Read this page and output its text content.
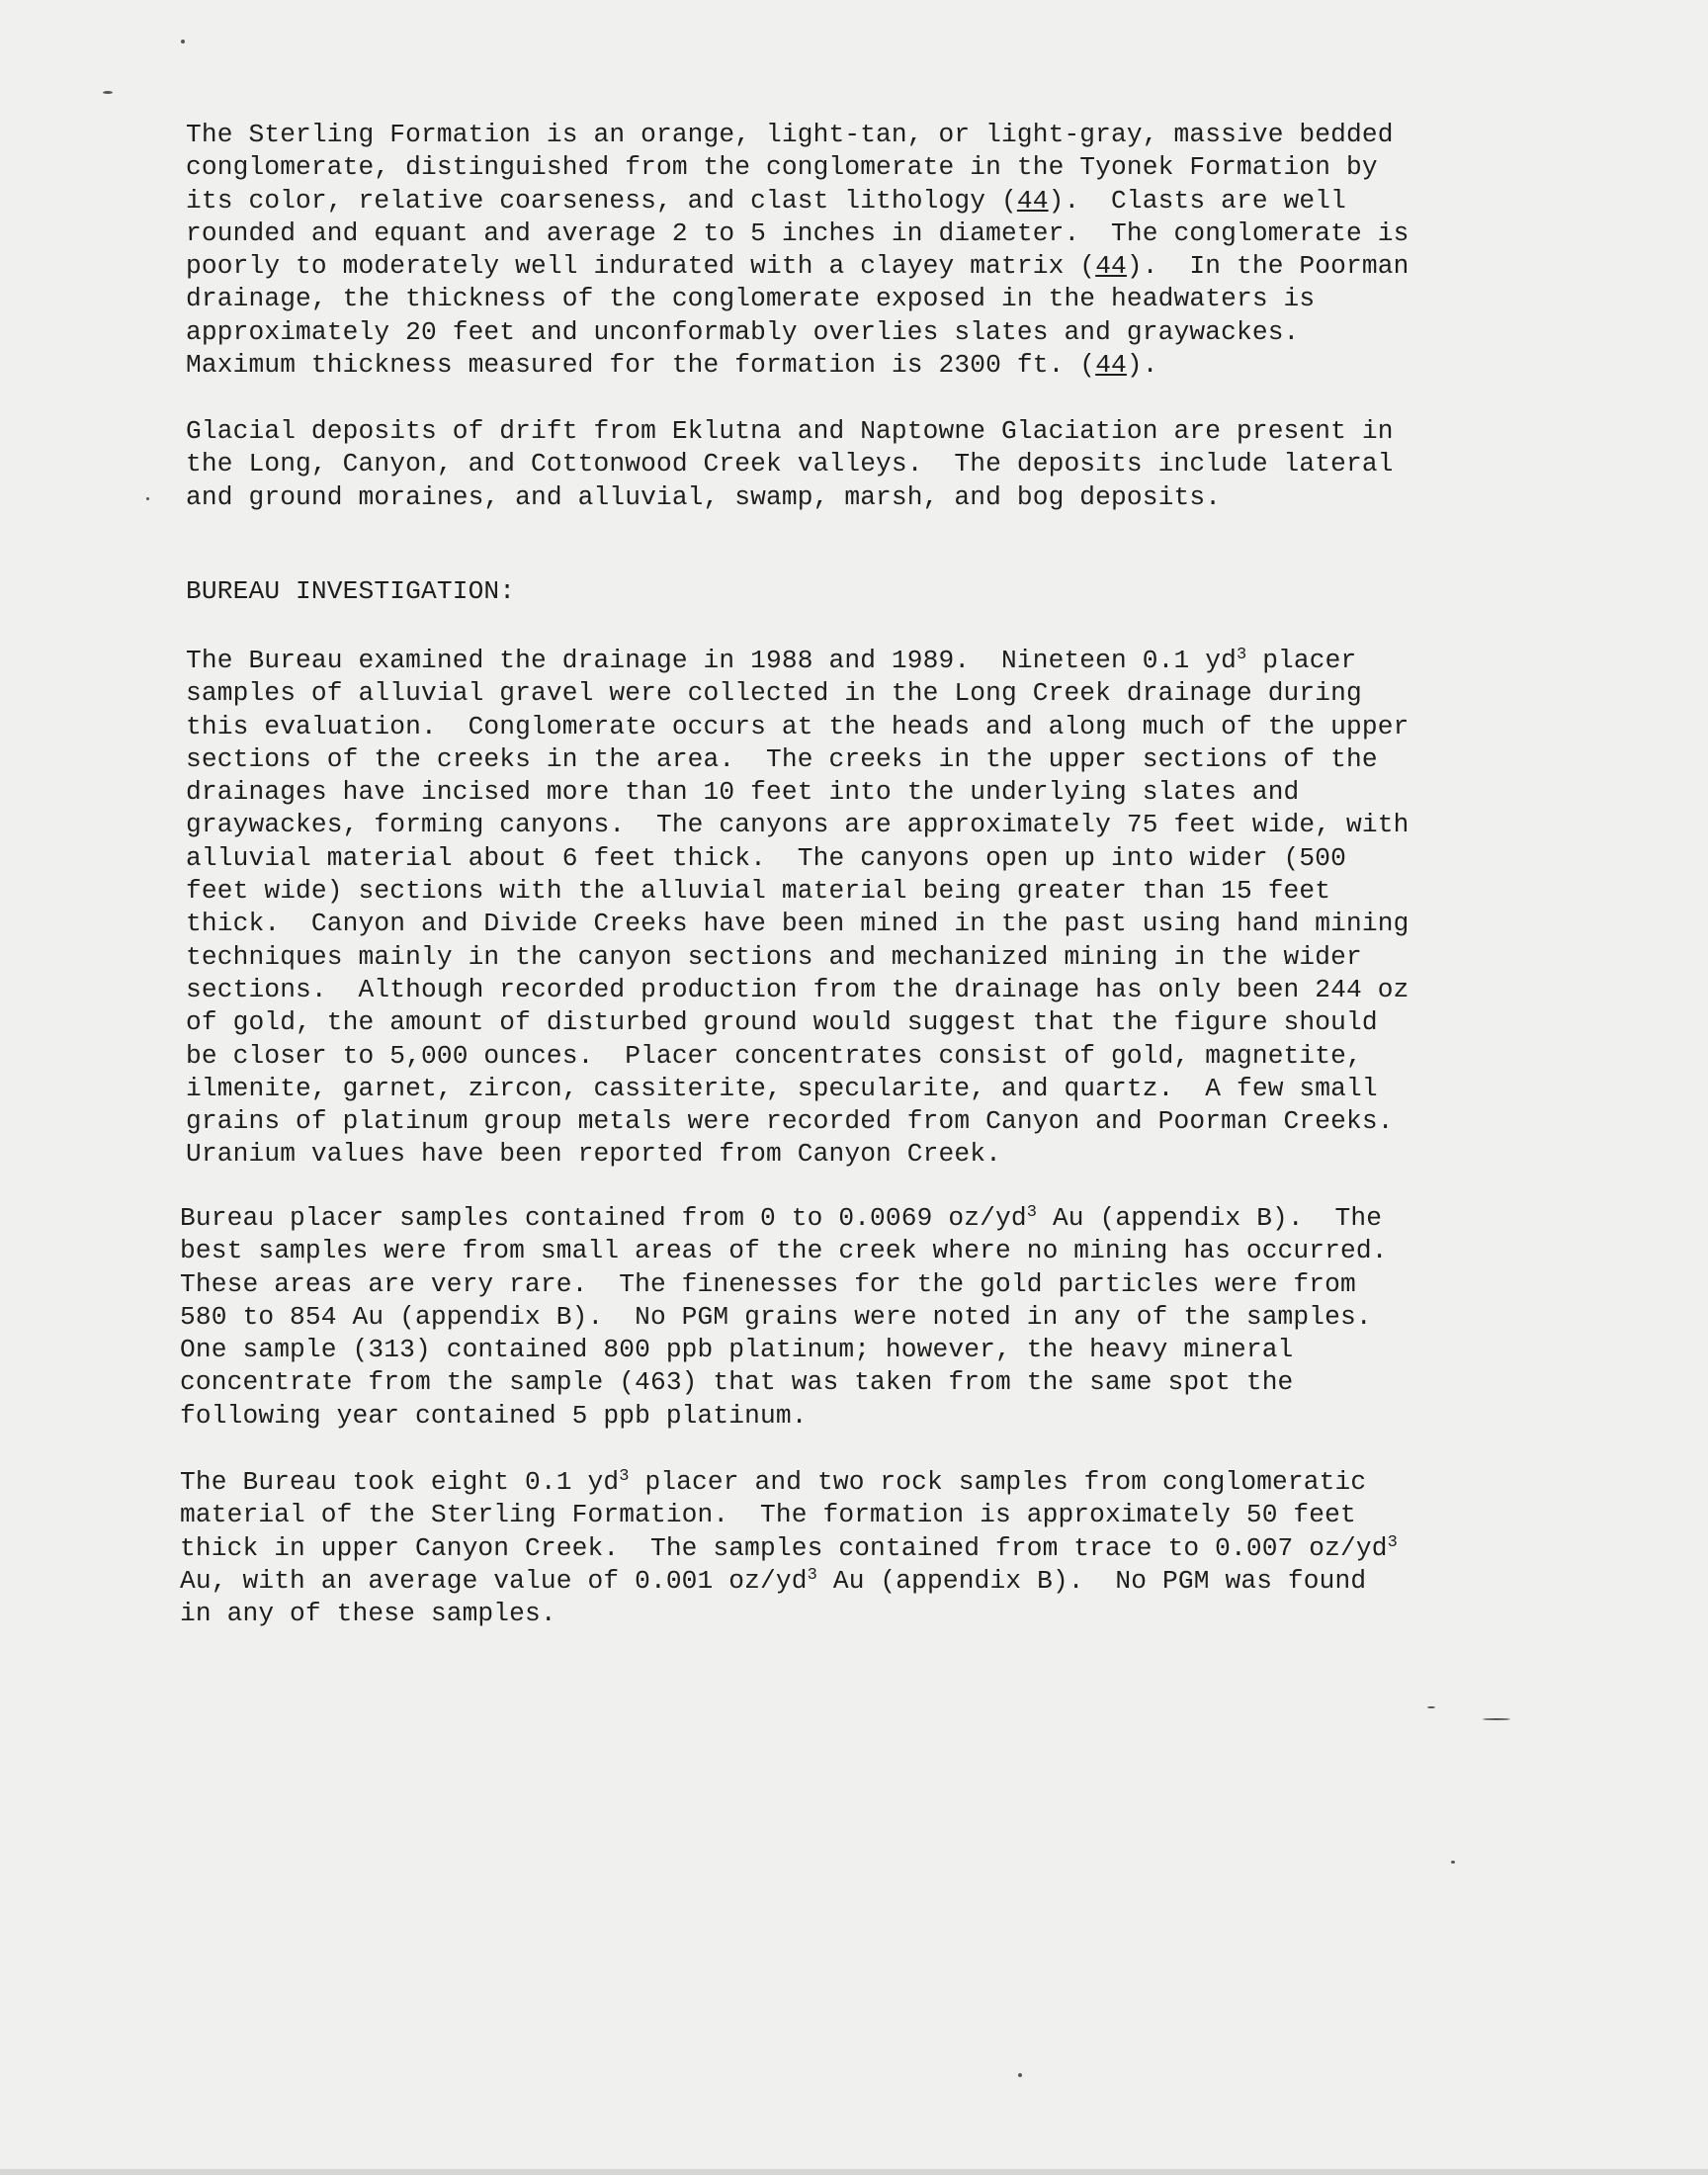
The Sterling Formation is an orange, light-tan, or light-gray, massive bedded
conglomerate, distinguished from the conglomerate in the Tyonek Formation by
its color, relative coarseness, and clast lithology (44).  Clasts are well
rounded and equant and average 2 to 5 inches in diameter.  The conglomerate is
poorly to moderately well indurated with a clayey matrix (44).  In the Poorman
drainage, the thickness of the conglomerate exposed in the headwaters is
approximately 20 feet and unconformably overlies slates and graywackes.
Maximum thickness measured for the formation is 2300 ft. (44).
Glacial deposits of drift from Eklutna and Naptowne Glaciation are present in
the Long, Canyon, and Cottonwood Creek valleys.  The deposits include lateral
and ground moraines, and alluvial, swamp, marsh, and bog deposits.
BUREAU INVESTIGATION:
The Bureau examined the drainage in 1988 and 1989.  Nineteen 0.1 $yd^3$ placer
samples of alluvial gravel were collected in the Long Creek drainage during
this evaluation.  Conglomerate occurs at the heads and along much of the upper
sections of the creeks in the area.  The creeks in the upper sections of the
drainages have incised more than 10 feet into the underlying slates and
graywackes, forming canyons.  The canyons are approximately 75 feet wide, with
alluvial material about 6 feet thick.  The canyons open up into wider (500
feet wide) sections with the alluvial material being greater than 15 feet
thick.  Canyon and Divide Creeks have been mined in the past using hand mining
techniques mainly in the canyon sections and mechanized mining in the wider
sections.  Although recorded production from the drainage has only been 244 oz
of gold, the amount of disturbed ground would suggest that the figure should
be closer to 5,000 ounces.  Placer concentrates consist of gold, magnetite,
ilmenite, garnet, zircon, cassiterite, specularite, and quartz.  A few small
grains of platinum group metals were recorded from Canyon and Poorman Creeks.
Uranium values have been reported from Canyon Creek.
Bureau placer samples contained from 0 to 0.0069 $oz/yd^3$ Au (appendix B).  The
best samples were from small areas of the creek where no mining has occurred.
These areas are very rare.  The finenesses for the gold particles were from
580 to 854 Au (appendix B).  No PGM grains were noted in any of the samples.
One sample (313) contained 800 ppb platinum; however, the heavy mineral
concentrate from the sample (463) that was taken from the same spot the
following year contained 5 ppb platinum.
The Bureau took eight 0.1 $yd^3$ placer and two rock samples from conglomeratic
material of the Sterling Formation.  The formation is approximately 50 feet
thick in upper Canyon Creek.  The samples contained from trace to 0.007 $oz/yd^3$
Au, with an average value of 0.001 $oz/yd^3$ Au (appendix B).  No PGM was found
in any of these samples.
